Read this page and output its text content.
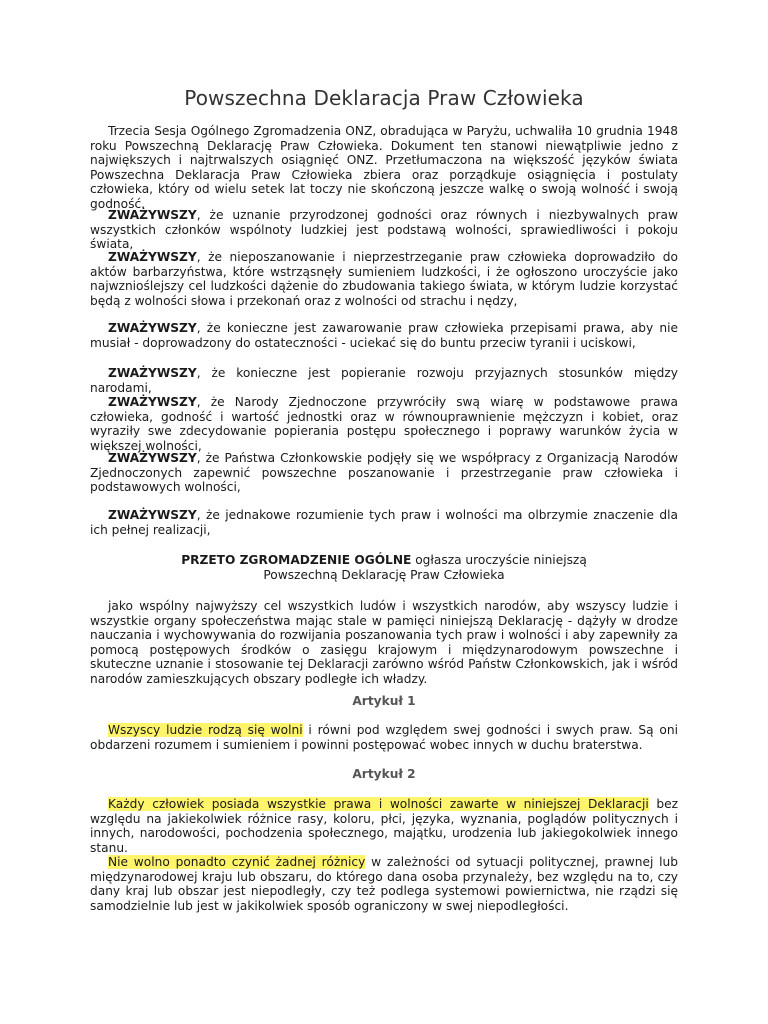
Powszechna Deklaracja Praw Człowieka

Trzecia Sesja Ogólnego Zgromadzenia ONZ, obradująca w Paryżu, uchwaliła 10 grudnia 1948 roku Powszechną Deklarację Praw Człowieka. Dokument ten stanowi niewątpliwie jedno z największych i najtrwalszych osiągnięć ONZ. Przetłumaczona na większość języków świata Powszechna Deklaracja Praw Człowieka zbiera oraz porządkuje osiągnięcia i postulaty człowieka, który od wielu setek lat toczy nie skończoną jeszcze walkę o swoją wolność i swoją godność.

ZWAŻYWSZY, że uznanie przyrodzonej godności oraz równych i niezbywalnych praw wszystkich członków wspólnoty ludzkiej jest podstawą wolności, sprawiedliwości i pokoju świata,

ZWAŻYWSZY, że nieposzanowanie i nieprzestrzeganie praw człowieka doprowadziło do aktów barbarzyństwa, które wstrząsnęły sumieniem ludzkości, i że ogłoszono uroczyście jako najwznioślejszy cel ludzkości dążenie do zbudowania takiego świata, w którym ludzie korzystać będą z wolności słowa i przekonań oraz z wolności od strachu i nędzy,

ZWAŻYWSZY, że konieczne jest zawarowanie praw człowieka przepisami prawa, aby nie musiał - doprowadzony do ostateczności - uciekać się do buntu przeciw tyranii i uciskowi,

ZWAŻYWSZY, że konieczne jest popieranie rozwoju przyjaznych stosunków między narodami,

ZWAŻYWSZY, że Narody Zjednoczone przywróciły swą wiarę w podstawowe prawa człowieka, godność i wartość jednostki oraz w równouprawnienie mężczyzn i kobiet, oraz wyraziły swe zdecydowanie popierania postępu społecznego i poprawy warunków życia w większej wolności,

ZWAŻYWSZY, że Państwa Członkowskie podjęły się we współpracy z Organizacją Narodów Zjednoczonych zapewnić powszechne poszanowanie i przestrzeganie praw człowieka i podstawowych wolności,

ZWAŻYWSZY, że jednakowe rozumienie tych praw i wolności ma olbrzymie znaczenie dla ich pełnej realizacji,

PRZETO ZGROMADZENIE OGÓLNE ogłasza uroczyście niniejszą
Powszechną Deklarację Praw Człowieka

jako wspólny najwyższy cel wszystkich ludów i wszystkich narodów, aby wszyscy ludzie i wszystkie organy społeczeństwa mając stale w pamięci niniejszą Deklarację - dążyły w drodze nauczania i wychowywania do rozwijania poszanowania tych praw i wolności i aby zapewniły za pomocą postępowych środków o zasięgu krajowym i międzynarodowym powszechne i skuteczne uznanie i stosowanie tej Deklaracji zarówno wśród Państw Członkowskich, jak i wśród narodów zamieszkujących obszary podległe ich władzy.

Artykuł 1

Wszyscy ludzie rodzą się wolni i równi pod względem swej godności i swych praw. Są oni obdarzeni rozumem i sumieniem i powinni postępować wobec innych w duchu braterstwa.

Artykuł 2

Każdy człowiek posiada wszystkie prawa i wolności zawarte w niniejszej Deklaracji bez względu na jakiekolwiek różnice rasy, koloru, płci, języka, wyznania, poglądów politycznych i innych, narodowości, pochodzenia społecznego, majątku, urodzenia lub jakiegokolwiek innego stanu.

Nie wolno ponadto czynić żadnej różnicy w zależności od sytuacji politycznej, prawnej lub międzynarodowej kraju lub obszaru, do którego dana osoba przynależy, bez względu na to, czy dany kraj lub obszar jest niepodległy, czy też podlega systemowi powiernictwa, nie rządzi się samodzielnie lub jest w jakikolwiek sposób ograniczony w swej niepodległości.
